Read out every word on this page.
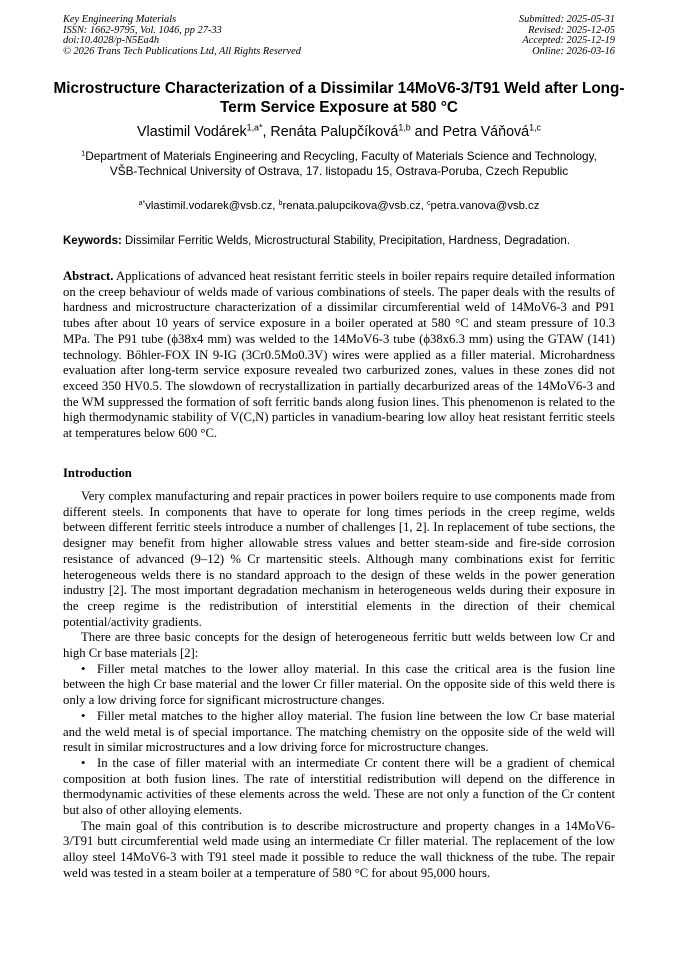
Key Engineering Materials
ISSN: 1662-9795, Vol. 1046, pp 27-33
doi:10.4028/p-N5Ea4h
© 2026 Trans Tech Publications Ltd, All Rights Reserved
Submitted: 2025-05-31
Revised: 2025-12-05
Accepted: 2025-12-19
Online: 2026-03-16
Microstructure Characterization of a Dissimilar 14MoV6-3/T91 Weld after Long-Term Service Exposure at 580 °C
Vlastimil Vodárek$^{1,a*}$, Renáta Palupčíková$^{1,b}$ and Petra Váňová$^{1,c}$
$^1$Department of Materials Engineering and Recycling, Faculty of Materials Science and Technology, VŠB-Technical University of Ostrava, 17. listopadu 15, Ostrava-Poruba, Czech Republic
$^{a*}$vlastimil.vodarek@vsb.cz, $^b$renata.palupcikova@vsb.cz, $^c$petra.vanova@vsb.cz
Keywords: Dissimilar Ferritic Welds, Microstructural Stability, Precipitation, Hardness, Degradation.
Abstract. Applications of advanced heat resistant ferritic steels in boiler repairs require detailed information on the creep behaviour of welds made of various combinations of steels. The paper deals with the results of hardness and microstructure characterization of a dissimilar circumferential weld of 14MoV6-3 and P91 tubes after about 10 years of service exposure in a boiler operated at 580 °C and steam pressure of 10.3 MPa. The P91 tube (ϕ38x4 mm) was welded to the 14MoV6-3 tube (ϕ38x6.3 mm) using the GTAW (141) technology. Bőhler-FOX IN 9-IG (3Cr0.5Mo0.3V) wires were applied as a filler material. Microhardness evaluation after long-term service exposure revealed two carburized zones, values in these zones did not exceed 350 HV0.5. The slowdown of recrystallization in partially decarburized areas of the 14MoV6-3 and the WM suppressed the formation of soft ferritic bands along fusion lines. This phenomenon is related to the high thermodynamic stability of V(C,N) particles in vanadium-bearing low alloy heat resistant ferritic steels at temperatures below 600 °C.
Introduction

Very complex manufacturing and repair practices in power boilers require to use components made from different steels. In components that have to operate for long times periods in the creep regime, welds between different ferritic steels introduce a number of challenges [1, 2]. In replacement of tube sections, the designer may benefit from higher allowable stress values and better steam-side and fire-side corrosion resistance of advanced (9–12) % Cr martensitic steels. Although many combinations exist for ferritic heterogeneous welds there is no standard approach to the design of these welds in the power generation industry [2]. The most important degradation mechanism in heterogeneous welds during their exposure in the creep regime is the redistribution of interstitial elements in the direction of their chemical potential/activity gradients.

There are three basic concepts for the design of heterogeneous ferritic butt welds between low Cr and high Cr base materials [2]:

• Filler metal matches to the lower alloy material. In this case the critical area is the fusion line between the high Cr base material and the lower Cr filler material. On the opposite side of this weld there is only a low driving force for significant microstructure changes.

• Filler metal matches to the higher alloy material. The fusion line between the low Cr base material and the weld metal is of special importance. The matching chemistry on the opposite side of the weld will result in similar microstructures and a low driving force for microstructure changes.

• In the case of filler material with an intermediate Cr content there will be a gradient of chemical composition at both fusion lines. The rate of interstitial redistribution will depend on the difference in thermodynamic activities of these elements across the weld. These are not only a function of the Cr content but also of other alloying elements.

The main goal of this contribution is to describe microstructure and property changes in a 14MoV6-3/T91 butt circumferential weld made using an intermediate Cr filler material. The replacement of the low alloy steel 14MoV6-3 with T91 steel made it possible to reduce the wall thickness of the tube. The repair weld was tested in a steam boiler at a temperature of 580 °C for about 95,000 hours.
